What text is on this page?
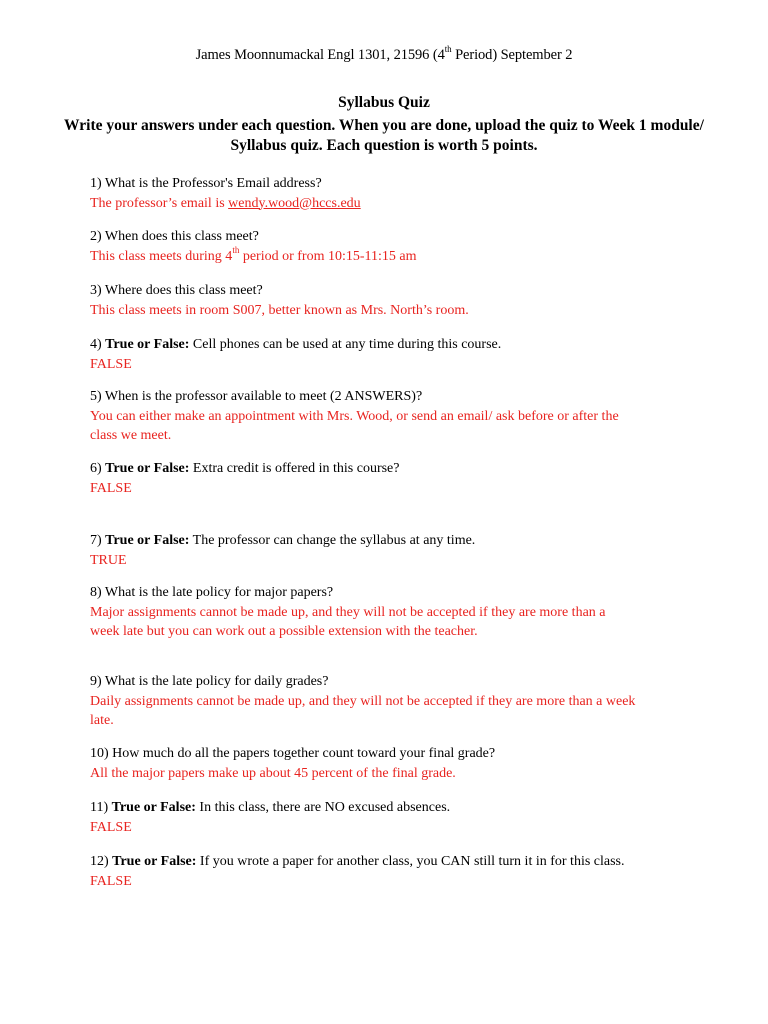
James Moonnumackal Engl 1301, 21596 (4th Period) September 2
Syllabus Quiz
Write your answers under each question. When you are done, upload the quiz to Week 1 module/ Syllabus quiz. Each question is worth 5 points.

1) What is the Professor's Email address?

The professor’s email is wendy.wood@hccs.edu

2) When does this class meet?

This class meets during 4th period or from 10:15-11:15 am

3) Where does this class meet?

This class meets in room S007, better known as Mrs. North’s room.

4) True or False: Cell phones can be used at any time during this course.

FALSE

5) When is the professor available to meet (2 ANSWERS)?

You can either make an appointment with Mrs. Wood, or send an email/ ask before or after the

class we meet.

6) True or False: Extra credit is offered in this course?

FALSE

7) True or False: The professor can change the syllabus at any time.

TRUE

8) What is the late policy for major papers?

Major assignments cannot be made up, and they will not be accepted if they are more than a

week late but you can work out a possible extension with the teacher.

9) What is the late policy for daily grades?

Daily assignments cannot be made up, and they will not be accepted if they are more than a week

late.

10) How much do all the papers together count toward your final grade?

All the major papers make up about 45 percent of the final grade.

11) True or False: In this class, there are NO excused absences.

FALSE

12) True or False: If you wrote a paper for another class, you CAN still turn it in for this class.

FALSE
